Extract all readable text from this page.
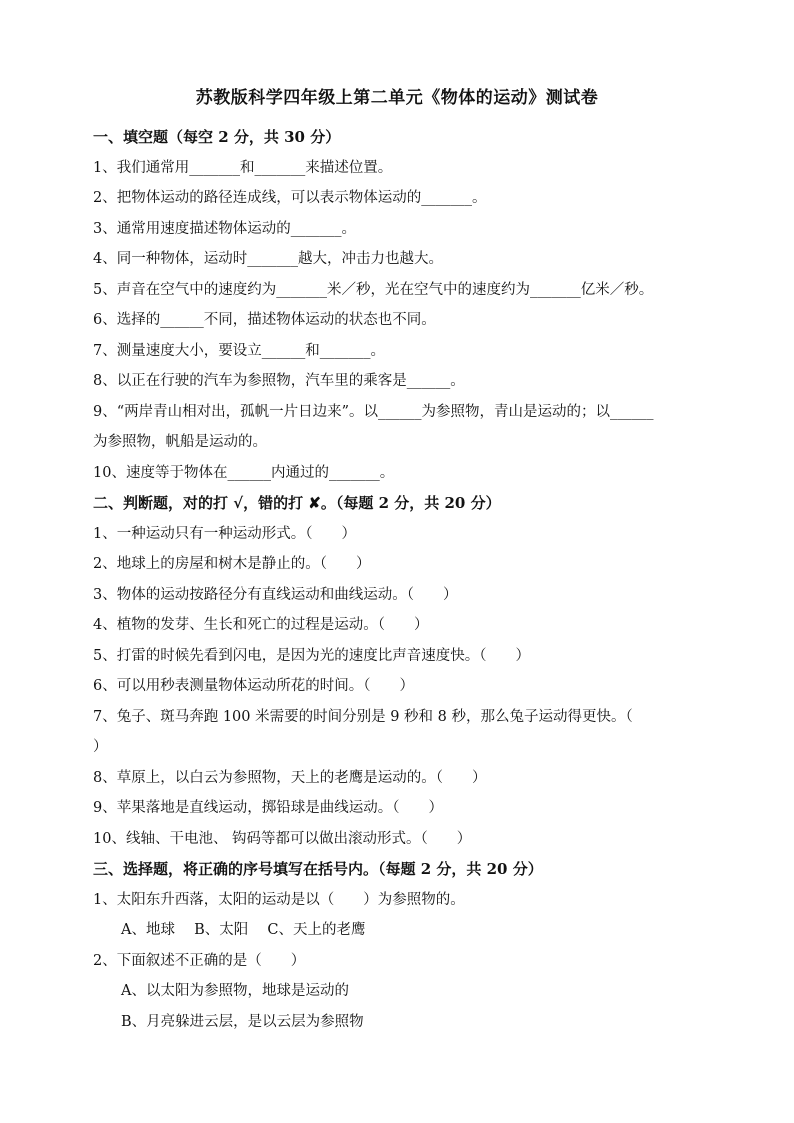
苏教版科学四年级上第二单元《物体的运动》测试卷
一、填空题（每空 2 分，共 30 分）
1、我们通常用_______和_______来描述位置。
2、把物体运动的路径连成线，可以表示物体运动的_______。
3、通常用速度描述物体运动的_______。
4、同一种物体，运动时_______越大，冲击力也越大。
5、声音在空气中的速度约为_______米／秒，光在空气中的速度约为_______亿米／秒。
6、选择的______不同，描述物体运动的状态也不同。
7、测量速度大小，要设立______和_______。
8、以正在行驶的汽车为参照物，汽车里的乘客是______。
9、“两岸青山相对出，孤帆一片日边来”。以______为参照物，青山是运动的；以______
为参照物，帆船是运动的。
10、速度等于物体在______内通过的_______。
二、判断题，对的打 √，错的打 ✘。（每题 2 分，共 20 分）
1、一种运动只有一种运动形式。（　　）
2、地球上的房屋和树木是静止的。（　　）
3、物体的运动按路径分有直线运动和曲线运动。（　　）
4、植物的发芽、生长和死亡的过程是运动。（　　）
5、打雷的时候先看到闪电，是因为光的速度比声音速度快。（　　）
6、可以用秒表测量物体运动所花的时间。（　　）
7、兔子、斑马奔跑 100 米需要的时间分别是 9 秒和 8 秒，那么兔子运动得更快。（
）
8、草原上，以白云为参照物，天上的老鹰是运动的。（　　）
9、苹果落地是直线运动，掷铅球是曲线运动。（　　）
10、线轴、干电池、 钩码等都可以做出滚动形式。（　　）
三、选择题，将正确的序号填写在括号内。（每题 2 分，共 20 分）
1、太阳东升西落，太阳的运动是以（　　）为参照物的。
A、地球　 B、太阳　 C、天上的老鹰
2、下面叙述不正确的是（　　）
A、以太阳为参照物，地球是运动的
B、月亮躲进云层，是以云层为参照物
